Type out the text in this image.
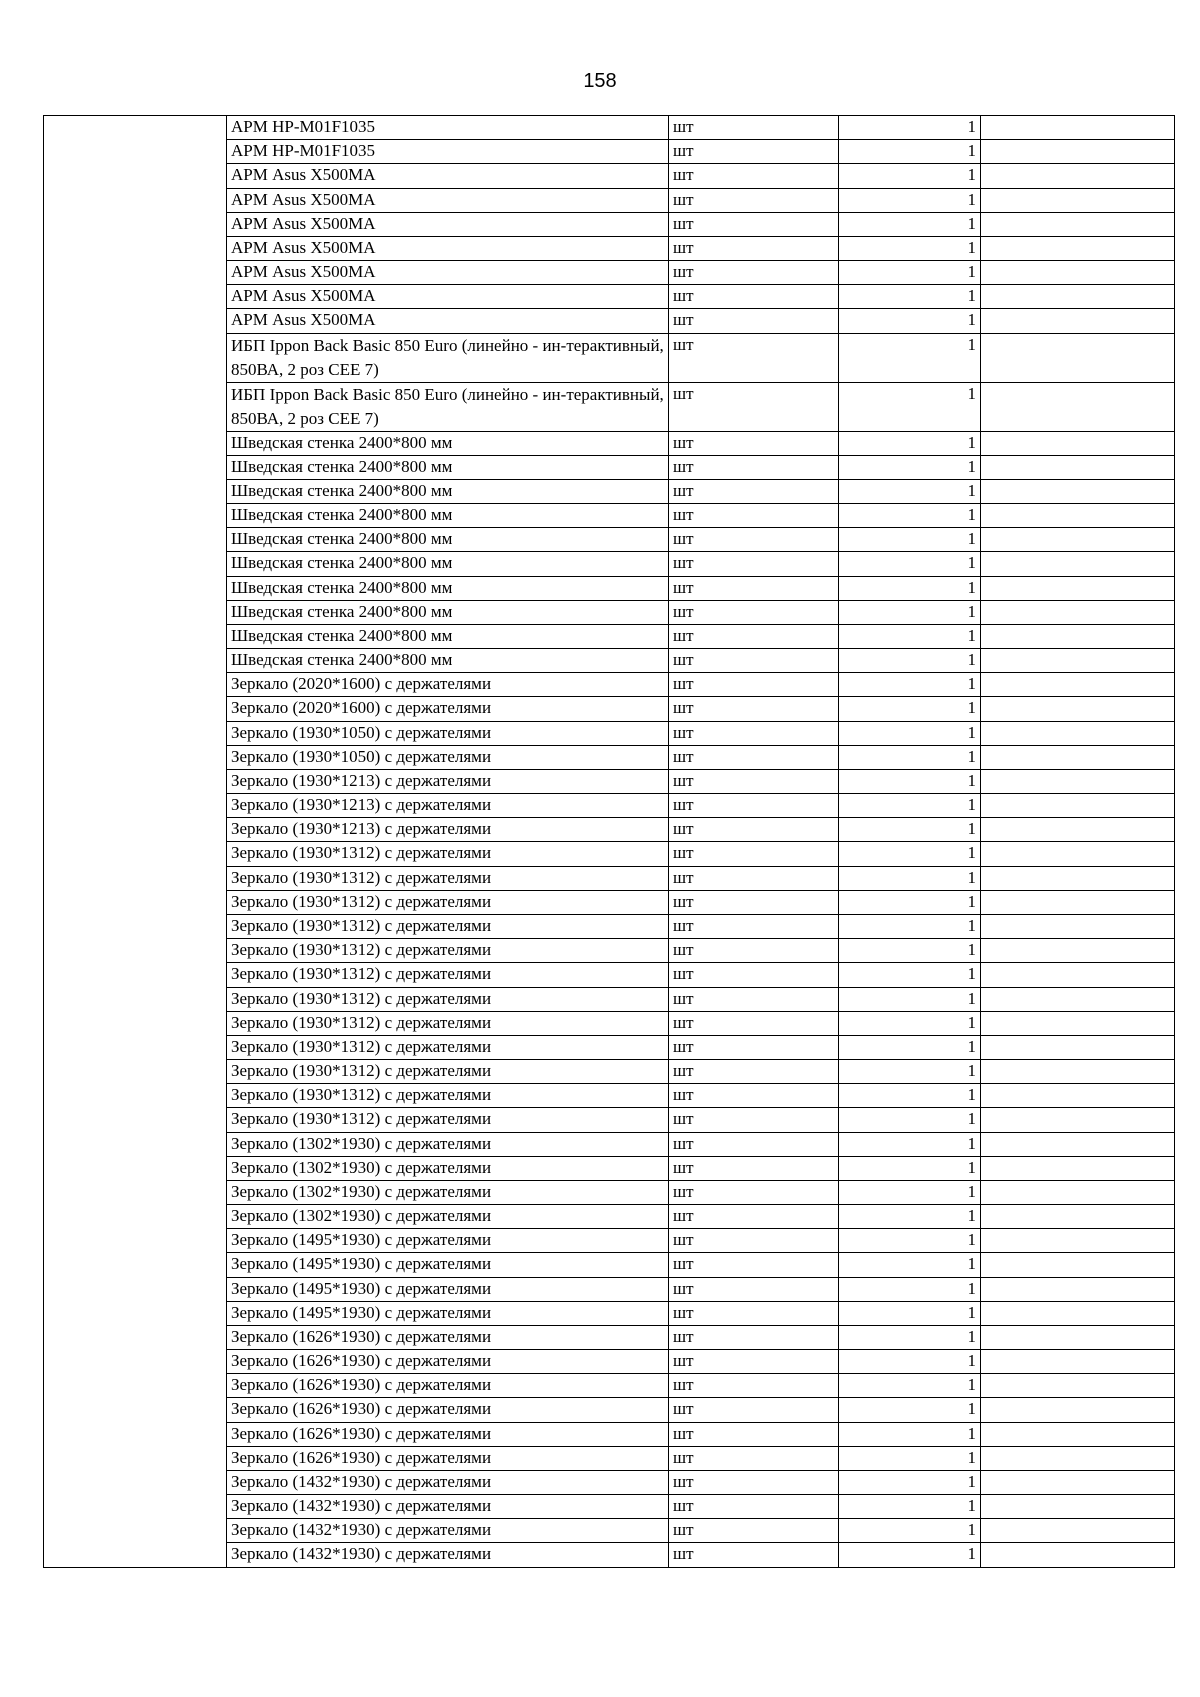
158
	АРМ HP-M01F1035	шт	1	
	АРМ HP-M01F1035	шт	1	
	АРМ Asus X500MA	шт	1	
	АРМ Asus X500MA	шт	1	
	АРМ Asus X500MA	шт	1	
	АРМ Asus X500MA	шт	1	
	АРМ Asus X500MA	шт	1	
	АРМ Asus X500MA	шт	1	
	АРМ Asus X500MA	шт	1	
	ИБП Ippon Back Basic 850 Euro (линейно - ин-терактивный, 850ВА, 2 роз CEE 7)	шт	1	
	ИБП Ippon Back Basic 850 Euro (линейно - ин-терактивный, 850ВА, 2 роз CEE 7)	шт	1	
	Шведская стенка 2400*800 мм	шт	1	
	Шведская стенка 2400*800 мм	шт	1	
	Шведская стенка 2400*800 мм	шт	1	
	Шведская стенка 2400*800 мм	шт	1	
	Шведская стенка 2400*800 мм	шт	1	
	Шведская стенка 2400*800 мм	шт	1	
	Шведская стенка 2400*800 мм	шт	1	
	Шведская стенка 2400*800 мм	шт	1	
	Шведская стенка 2400*800 мм	шт	1	
	Шведская стенка 2400*800 мм	шт	1	
	Зеркало (2020*1600) с держателями	шт	1	
	Зеркало (2020*1600) с держателями	шт	1	
	Зеркало (1930*1050) с держателями	шт	1	
	Зеркало (1930*1050) с держателями	шт	1	
	Зеркало (1930*1213) с держателями	шт	1	
	Зеркало (1930*1213) с держателями	шт	1	
	Зеркало (1930*1213) с держателями	шт	1	
	Зеркало (1930*1312) с держателями	шт	1	
	Зеркало (1930*1312) с держателями	шт	1	
	Зеркало (1930*1312) с держателями	шт	1	
	Зеркало (1930*1312) с держателями	шт	1	
	Зеркало (1930*1312) с держателями	шт	1	
	Зеркало (1930*1312) с держателями	шт	1	
	Зеркало (1930*1312) с держателями	шт	1	
	Зеркало (1930*1312) с держателями	шт	1	
	Зеркало (1930*1312) с держателями	шт	1	
	Зеркало (1930*1312) с держателями	шт	1	
	Зеркало (1930*1312) с держателями	шт	1	
	Зеркало (1930*1312) с держателями	шт	1	
	Зеркало (1302*1930) с держателями	шт	1	
	Зеркало (1302*1930) с держателями	шт	1	
	Зеркало (1302*1930) с держателями	шт	1	
	Зеркало (1302*1930) с держателями	шт	1	
	Зеркало (1495*1930) с держателями	шт	1	
	Зеркало (1495*1930) с держателями	шт	1	
	Зеркало (1495*1930) с держателями	шт	1	
	Зеркало (1495*1930) с держателями	шт	1	
	Зеркало (1626*1930) с держателями	шт	1	
	Зеркало (1626*1930) с держателями	шт	1	
	Зеркало (1626*1930) с держателями	шт	1	
	Зеркало (1626*1930) с держателями	шт	1	
	Зеркало (1626*1930) с держателями	шт	1	
	Зеркало (1626*1930) с держателями	шт	1	
	Зеркало (1432*1930) с держателями	шт	1	
	Зеркало (1432*1930) с держателями	шт	1	
	Зеркало (1432*1930) с держателями	шт	1	
	Зеркало (1432*1930) с держателями	шт	1	
